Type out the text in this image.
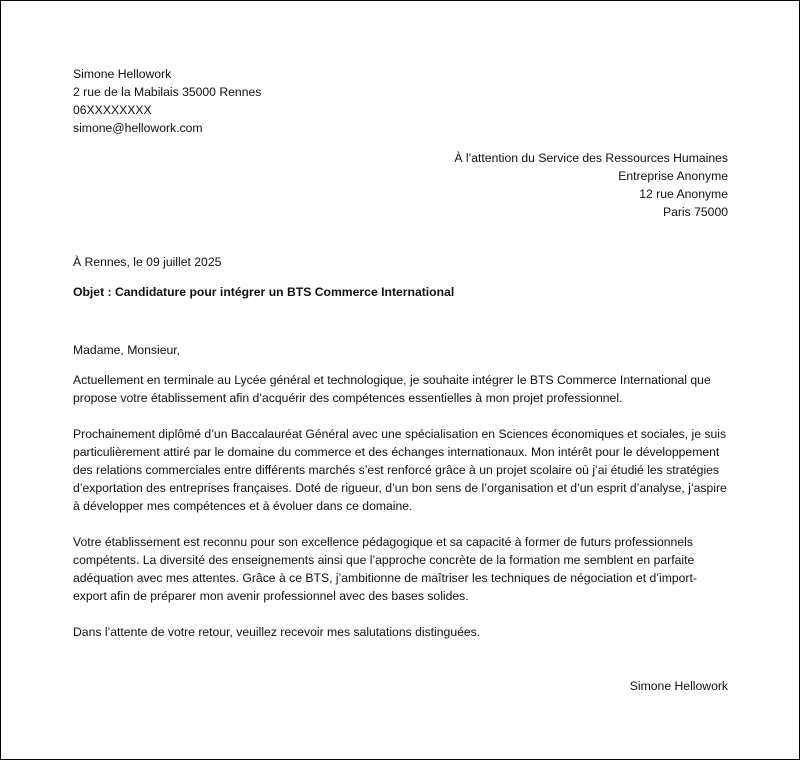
Simone Hellowork
2 rue de la Mabilais 35000 Rennes
06XXXXXXXX
simone@hellowork.com
À l’attention du Service des Ressources Humaines
Entreprise Anonyme
12 rue Anonyme
Paris 75000
À Rennes, le 09 juillet 2025
Objet : Candidature pour intégrer un BTS Commerce International
Madame, Monsieur,

Actuellement en terminale au Lycée général et technologique, je souhaite intégrer le BTS Commerce International que propose votre établissement afin d’acquérir des compétences essentielles à mon projet professionnel.

Prochainement diplômé d’un Baccalauréat Général avec une spécialisation en Sciences économiques et sociales, je suis particulièrement attiré par le domaine du commerce et des échanges internationaux. Mon intérêt pour le développement des relations commerciales entre différents marchés s’est renforcé grâce à un projet scolaire où j’ai étudié les stratégies d’exportation des entreprises françaises. Doté de rigueur, d’un bon sens de l’organisation et d’un esprit d’analyse, j’aspire à développer mes compétences et à évoluer dans ce domaine.

Votre établissement est reconnu pour son excellence pédagogique et sa capacité à former de futurs professionnels compétents. La diversité des enseignements ainsi que l’approche concrète de la formation me semblent en parfaite adéquation avec mes attentes. Grâce à ce BTS, j’ambitionne de maîtriser les techniques de négociation et d’import-export afin de préparer mon avenir professionnel avec des bases solides.

Dans l’attente de votre retour, veuillez recevoir mes salutations distinguées.

Simone Hellowork
